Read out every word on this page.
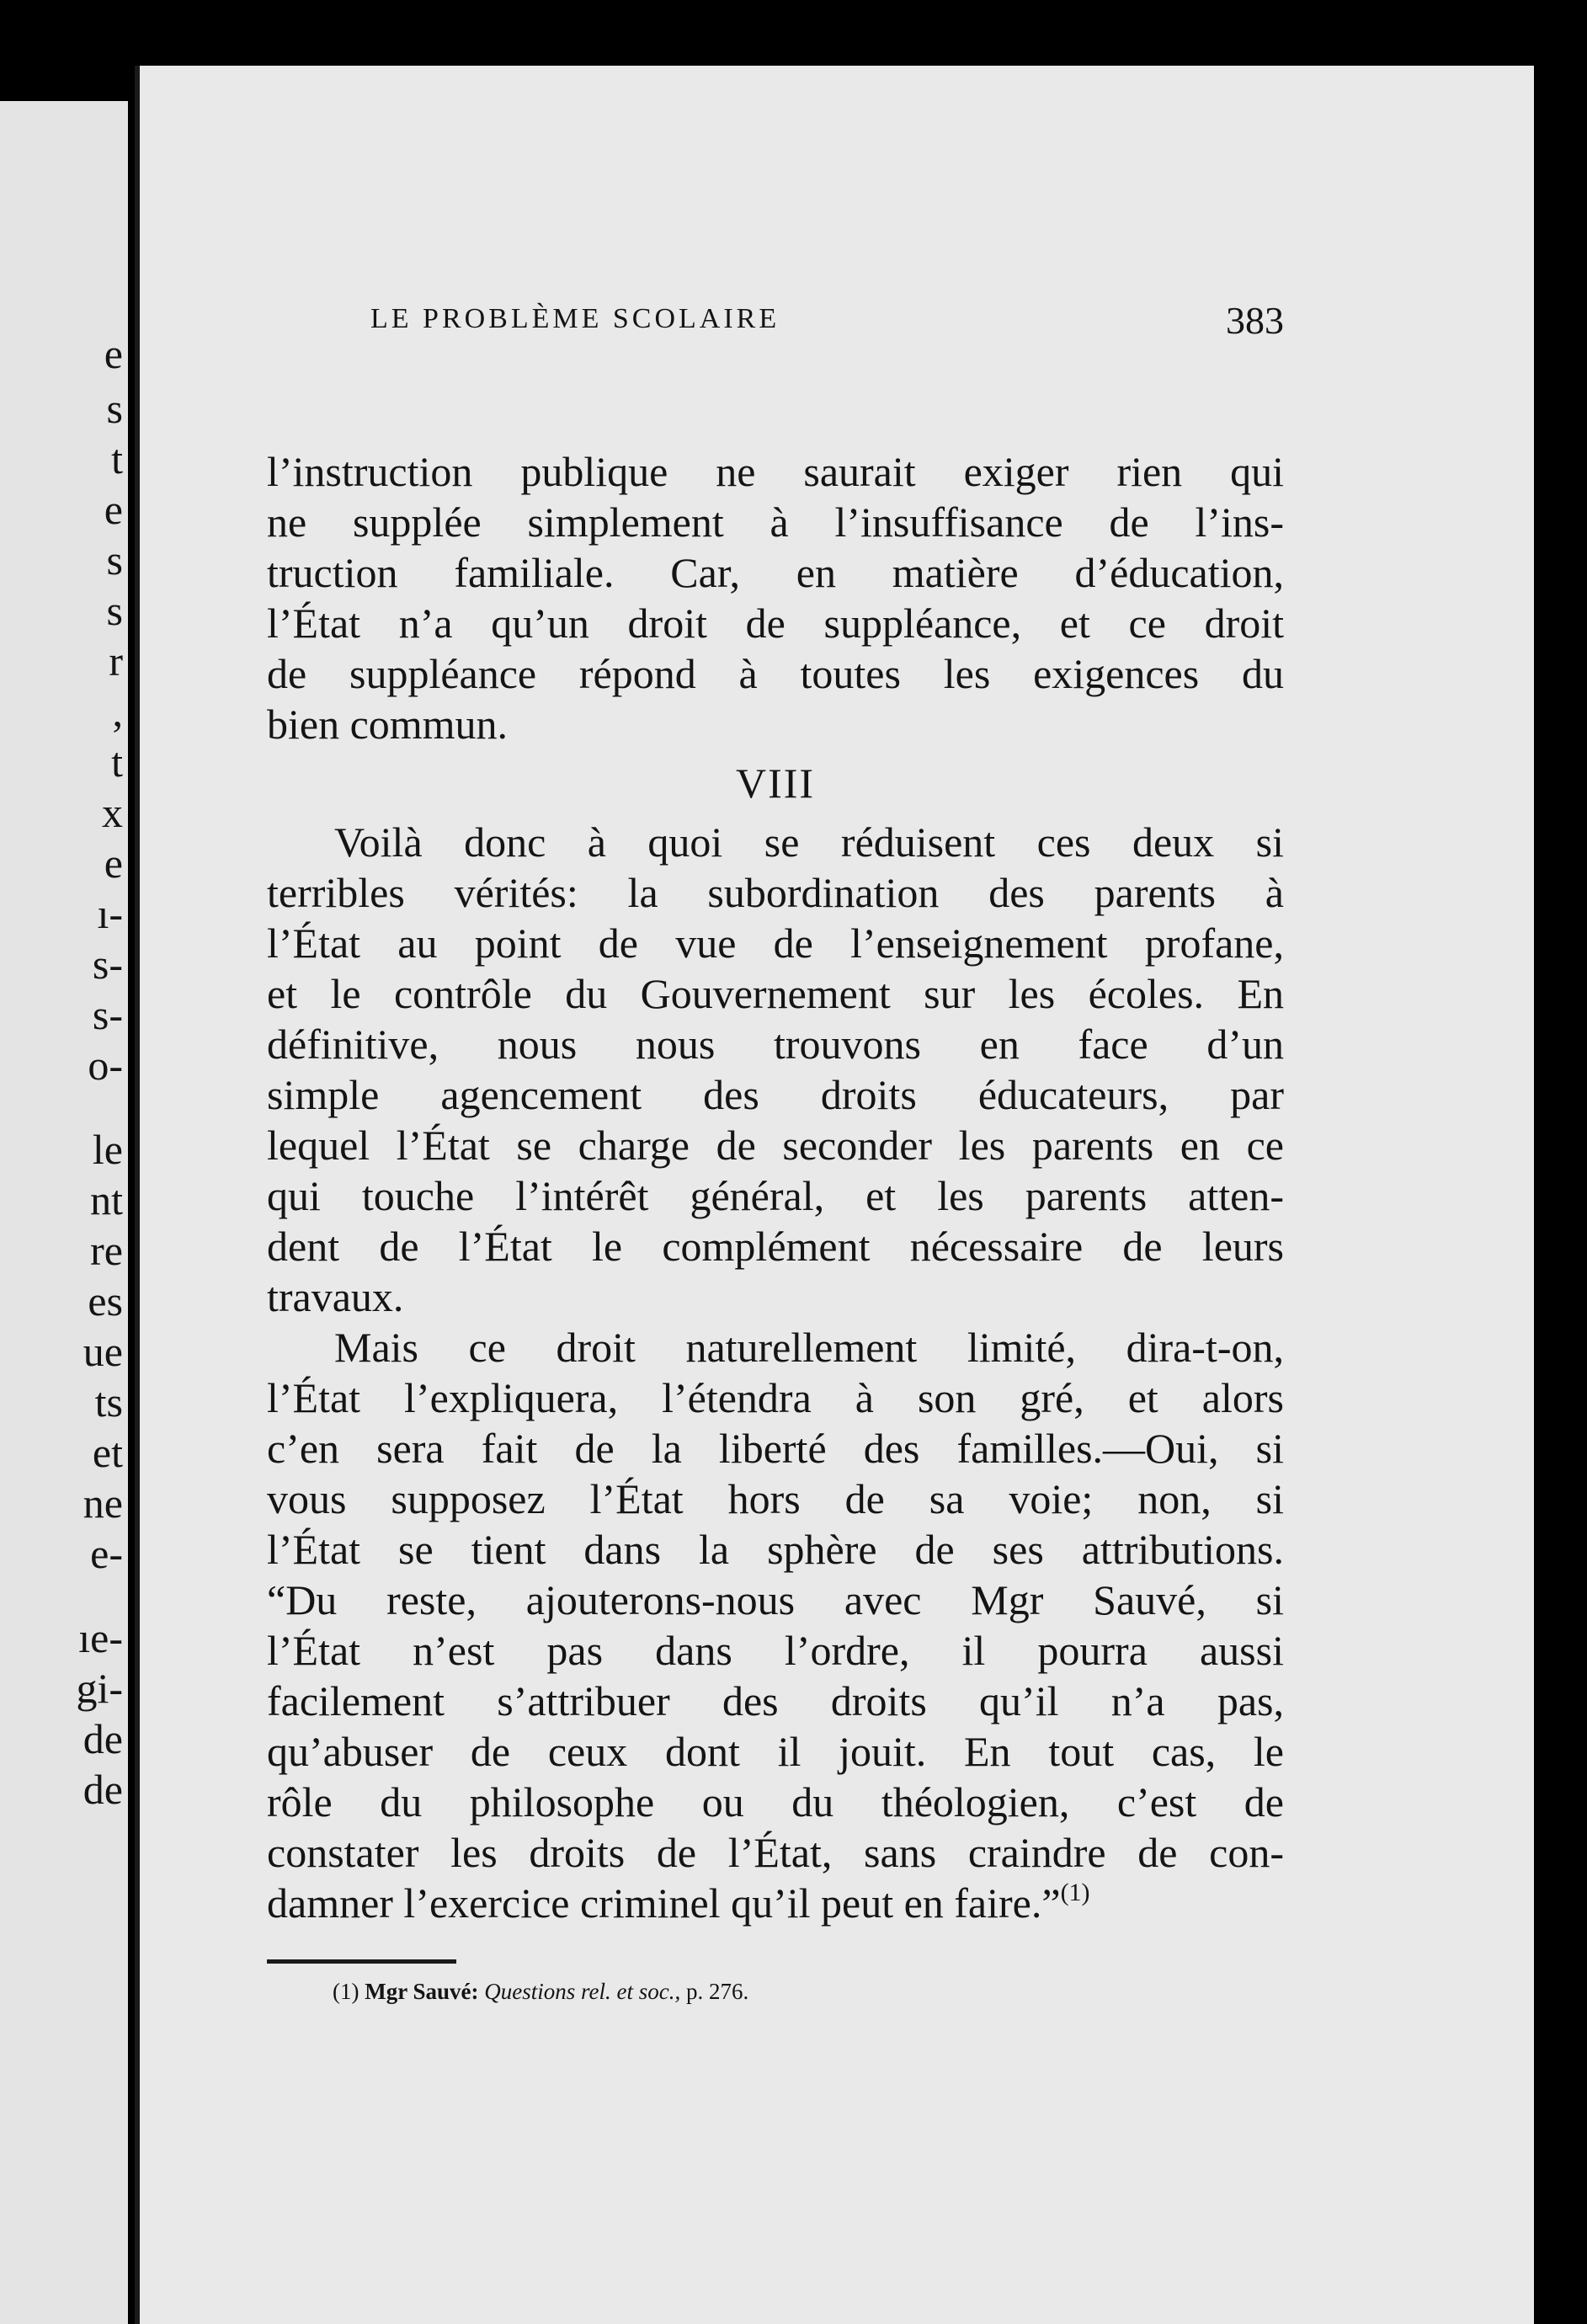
e
s
t
e
s
s
r
,
t
x
e
ı-
s-
s-
o-
le
nt
re
es
ue
ts
et
ne
e-
ıe-
gi-
de
de
LE PROBLÈME SCOLAIRE	383
l’instruction publique ne saurait exiger rien qui
ne supplée simplement à l’insuffisance de l’ins-
truction familiale. Car, en matière d’éducation,
l’État n’a qu’un droit de suppléance, et ce droit
de suppléance répond à toutes les exigences du
bien commun.
VIII
Voilà donc à quoi se réduisent ces deux si
terribles vérités: la subordination des parents à
l’État au point de vue de l’enseignement profane,
et le contrôle du Gouvernement sur les écoles. En
définitive, nous nous trouvons en face d’un
simple agencement des droits éducateurs, par
lequel l’État se charge de seconder les parents en ce
qui touche l’intérêt général, et les parents atten-
dent de l’État le complément nécessaire de leurs
travaux.
Mais ce droit naturellement limité, dira-t-on,
l’État l’expliquera, l’étendra à son gré, et alors
c’en sera fait de la liberté des familles.—Oui, si
vous supposez l’État hors de sa voie; non, si
l’État se tient dans la sphère de ses attributions.
“Du reste, ajouterons-nous avec Mgr Sauvé, si
l’État n’est pas dans l’ordre, il pourra aussi
facilement s’attribuer des droits qu’il n’a pas,
qu’abuser de ceux dont il jouit. En tout cas, le
rôle du philosophe ou du théologien, c’est de
constater les droits de l’État, sans craindre de con-
damner l’exercice criminel qu’il peut en faire.”$^{(1)}$
(1) Mgr Sauvé: Questions rel. et soc., p. 276.
